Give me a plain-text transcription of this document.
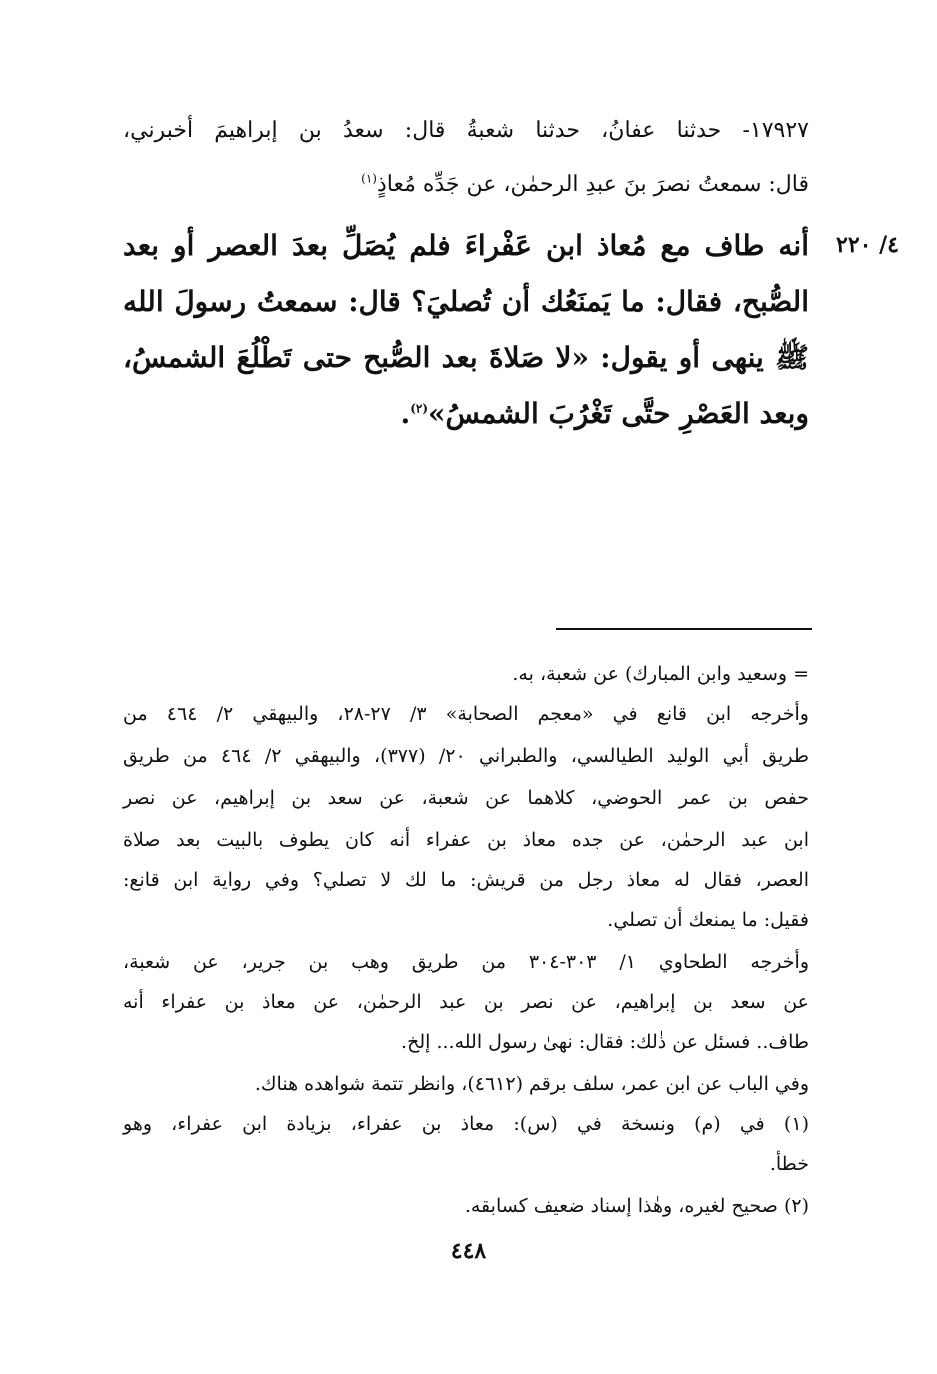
١٧٩٢٧- حدثنا عفانُ، حدثنا شعبةُ قال: سعدُ بن إبراهيمَ أخبرني،
قال: سمعتُ نصرَ بنَ عبدِ الرحمٰن، عن جَدِّه مُعاذٍ$^{(١)}$
٤/ ٢٢٠
أنه طاف مع مُعاذ ابن عَفْراءَ فلم يُصَلِّ بعدَ العصر أو بعد
الصُّبح، فقال: ما يَمنَعُك أن تُصليَ؟ قال: سمعتُ رسولَ الله
ﷺ ينهى أو يقول: «لا صَلاةَ بعد الصُّبح حتى تَطْلُعَ الشمسُ،
وبعد العَصْرِ حتَّى تَغْرُبَ الشمسُ»$^{(٢)}$.
= وسعيد وابن المبارك) عن شعبة، به.
وأخرجه ابن قانع في «معجم الصحابة» ٣/ ٢٧-٢٨، والبيهقي ٢/ ٤٦٤ من
طريق أبي الوليد الطيالسي، والطبراني ٢٠/ (٣٧٧)، والبيهقي ٢/ ٤٦٤ من طريق
حفص بن عمر الحوضي، كلاهما عن شعبة، عن سعد بن إبراهيم، عن نصر
ابن عبد الرحمٰن، عن جده معاذ بن عفراء أنه كان يطوف بالبيت بعد صلاة
العصر، فقال له معاذ رجل من قريش: ما لك لا تصلي؟ وفي رواية ابن قانع:
فقيل: ما يمنعك أن تصلي.
وأخرجه الطحاوي ١/ ٣٠٣-٣٠٤ من طريق وهب بن جرير، عن شعبة،
عن سعد بن إبراهيم، عن نصر بن عبد الرحمٰن، عن معاذ بن عفراء أنه
طاف.. فسئل عن ذٰلك: فقال: نهىٰ رسول الله... إلخ.
وفي الباب عن ابن عمر، سلف برقم (٤٦١٢)، وانظر تتمة شواهده هناك.
(١) في (م) ونسخة في (س): معاذ بن عفراء، بزيادة ابن عفراء، وهو
خطأ.
(٢) صحيح لغيره، وهٰذا إسناد ضعيف كسابقه.
٤٤٨
